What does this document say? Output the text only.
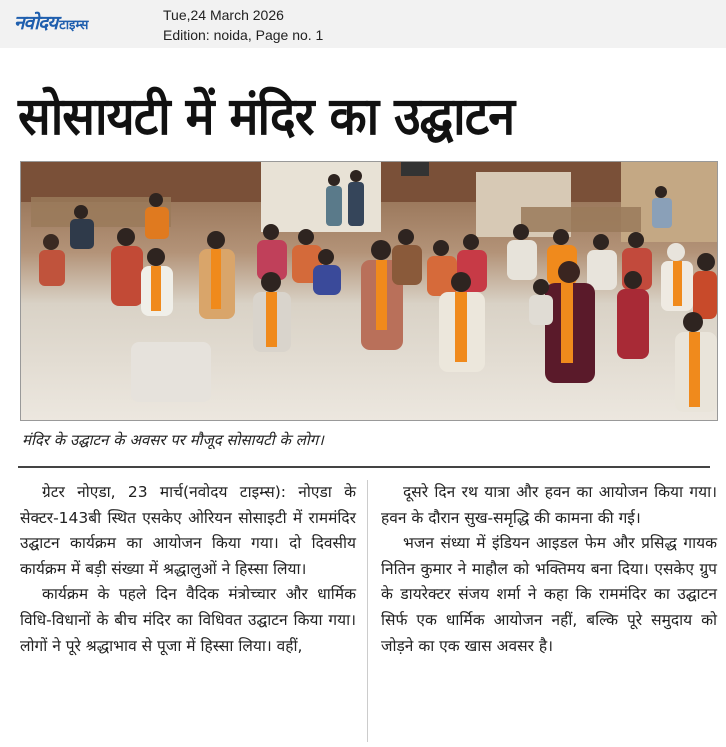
नवोदय टाइम्स
Tue,24 March 2026
Edition: noida, Page no. 1
सोसायटी में मंदिर का उद्घाटन
मंदिर के उद्घाटन के अवसर पर मौजूद सोसायटी के लोग।

ग्रेटर नोएडा, 23 मार्च(नवोदय टाइम्स): नोएडा के सेक्टर-143बी स्थित एसकेए ओरियन सोसाइटी में राममंदिर उद्घाटन कार्यक्रम का आयोजन किया गया। दो दिवसीय कार्यक्रम में बड़ी संख्या में श्रद्धालुओं ने हिस्सा लिया।

कार्यक्रम के पहले दिन वैदिक मंत्रोच्चार और धार्मिक विधि-विधानों के बीच मंदिर का विधिवत उद्घाटन किया गया। लोगों ने पूरे श्रद्धाभाव से पूजा में हिस्सा लिया। वहीं,

दूसरे दिन रथ यात्रा और हवन का आयोजन किया गया। हवन के दौरान सुख-समृद्धि की कामना की गई।

भजन संध्या में इंडियन आइडल फेम और प्रसिद्ध गायक नितिन कुमार ने माहौल को भक्तिमय बना दिया। एसकेए ग्रुप के डायरेक्टर संजय शर्मा ने कहा कि राममंदिर का उद्घाटन सिर्फ एक धार्मिक आयोजन नहीं, बल्कि पूरे समुदाय को जोड़ने का एक खास अवसर है।
